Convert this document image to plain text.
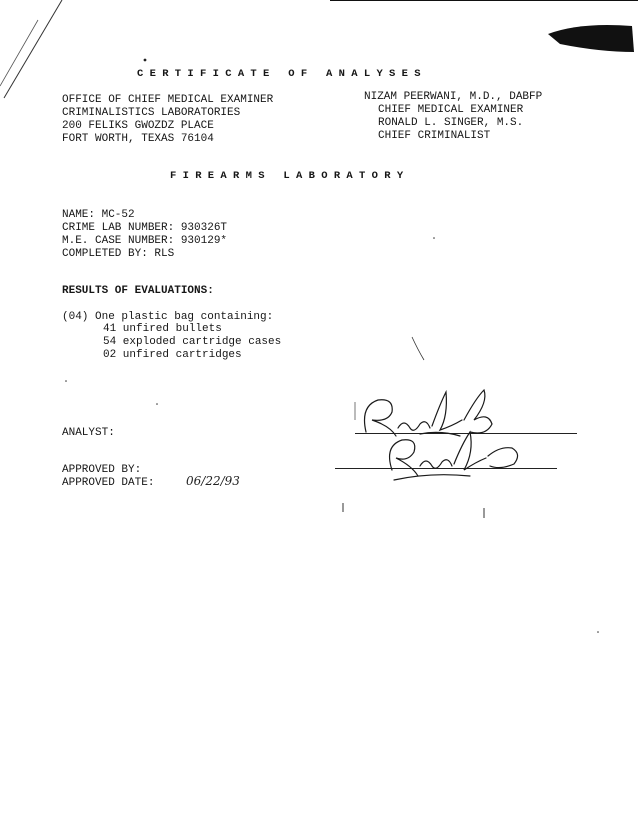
C E R T I F I C A T E   O F   A N A L Y S E S
OFFICE OF CHIEF MEDICAL EXAMINER
CRIMINALISTICS LABORATORIES
200 FELIKS GWOZDZ PLACE
FORT WORTH, TEXAS 76104
NIZAM PEERWANI, M.D., DABFP
CHIEF MEDICAL EXAMINER
RONALD L. SINGER, M.S.
CHIEF CRIMINALIST
F I R E A R M S   L A B O R A T O R Y
NAME: MC-52
CRIME LAB NUMBER: 930326T
M.E. CASE NUMBER: 930129*
COMPLETED BY: RLS
RESULTS OF EVALUATIONS:
(04) One plastic bag containing:
41 unfired bullets
54 exploded cartridge cases
02 unfired cartridges
ANALYST:
APPROVED BY:
APPROVED DATE:	06/22/93
